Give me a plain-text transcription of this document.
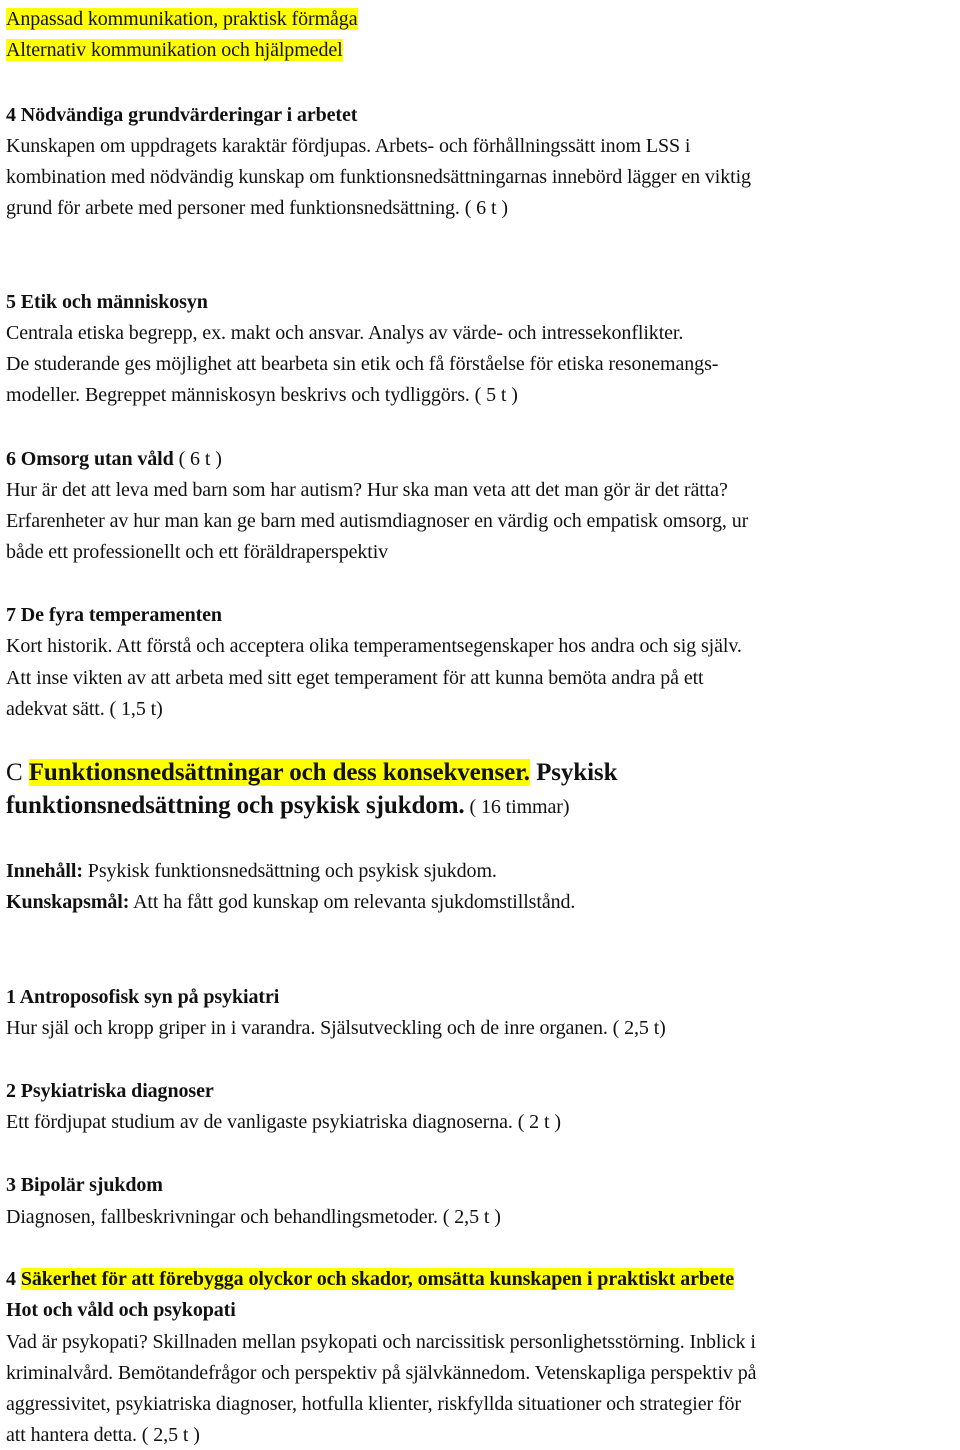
Anpassad kommunikation, praktisk förmåga
Alternativ kommunikation och hjälpmedel
4 Nödvändiga grundvärderingar i arbetet
Kunskapen om uppdragets karaktär fördjupas. Arbets- och förhållningssätt inom LSS i
kombination med nödvändig kunskap om funktionsnedsättningarnas innebörd lägger en viktig
grund för arbete med personer med funktionsnedsättning. ( 6 t )
5 Etik och människosyn
Centrala etiska begrepp, ex. makt och ansvar. Analys av värde- och intressekonflikter.
De studerande ges möjlighet att bearbeta sin etik och få förståelse för etiska resonemangs-
modeller. Begreppet människosyn beskrivs och tydliggörs. ( 5 t )
6 Omsorg utan våld ( 6 t )
Hur är det att leva med barn som har autism? Hur ska man veta att det man gör är det rätta?
Erfarenheter av hur man kan ge barn med autismdiagnoser en värdig och empatisk omsorg, ur
både ett professionellt och ett föräldraperspektiv
7 De fyra temperamenten
Kort historik. Att förstå och acceptera olika temperamentsegenskaper hos andra och sig själv.
Att inse vikten av att arbeta med sitt eget temperament för att kunna bemöta andra på ett
adekvat sätt. ( 1,5 t)
C Funktionsnedsättningar och dess konsekvenser. Psykisk
funktionsnedsättning och psykisk sjukdom. ( 16 timmar)
Innehåll: Psykisk funktionsnedsättning och psykisk sjukdom.
Kunskapsmål: Att ha fått god kunskap om relevanta sjukdomstillstånd.
1 Antroposofisk syn på psykiatri
Hur själ och kropp griper in i varandra. Själsutveckling och de inre organen. ( 2,5 t)
2 Psykiatriska diagnoser
Ett fördjupat studium av de vanligaste psykiatriska diagnoserna. ( 2 t )
3 Bipolär sjukdom
Diagnosen, fallbeskrivningar och behandlingsmetoder. ( 2,5 t )
4 Säkerhet för att förebygga olyckor och skador, omsätta kunskapen i praktiskt arbete
Hot och våld och psykopati
Vad är psykopati? Skillnaden mellan psykopati och narcissitisk personlighetsstörning. Inblick i
kriminalvård. Bemötandefrågor och perspektiv på självkännedom. Vetenskapliga perspektiv på
aggressivitet, psykiatriska diagnoser, hotfulla klienter, riskfyllda situationer och strategier för
att hantera detta. ( 2,5 t )
